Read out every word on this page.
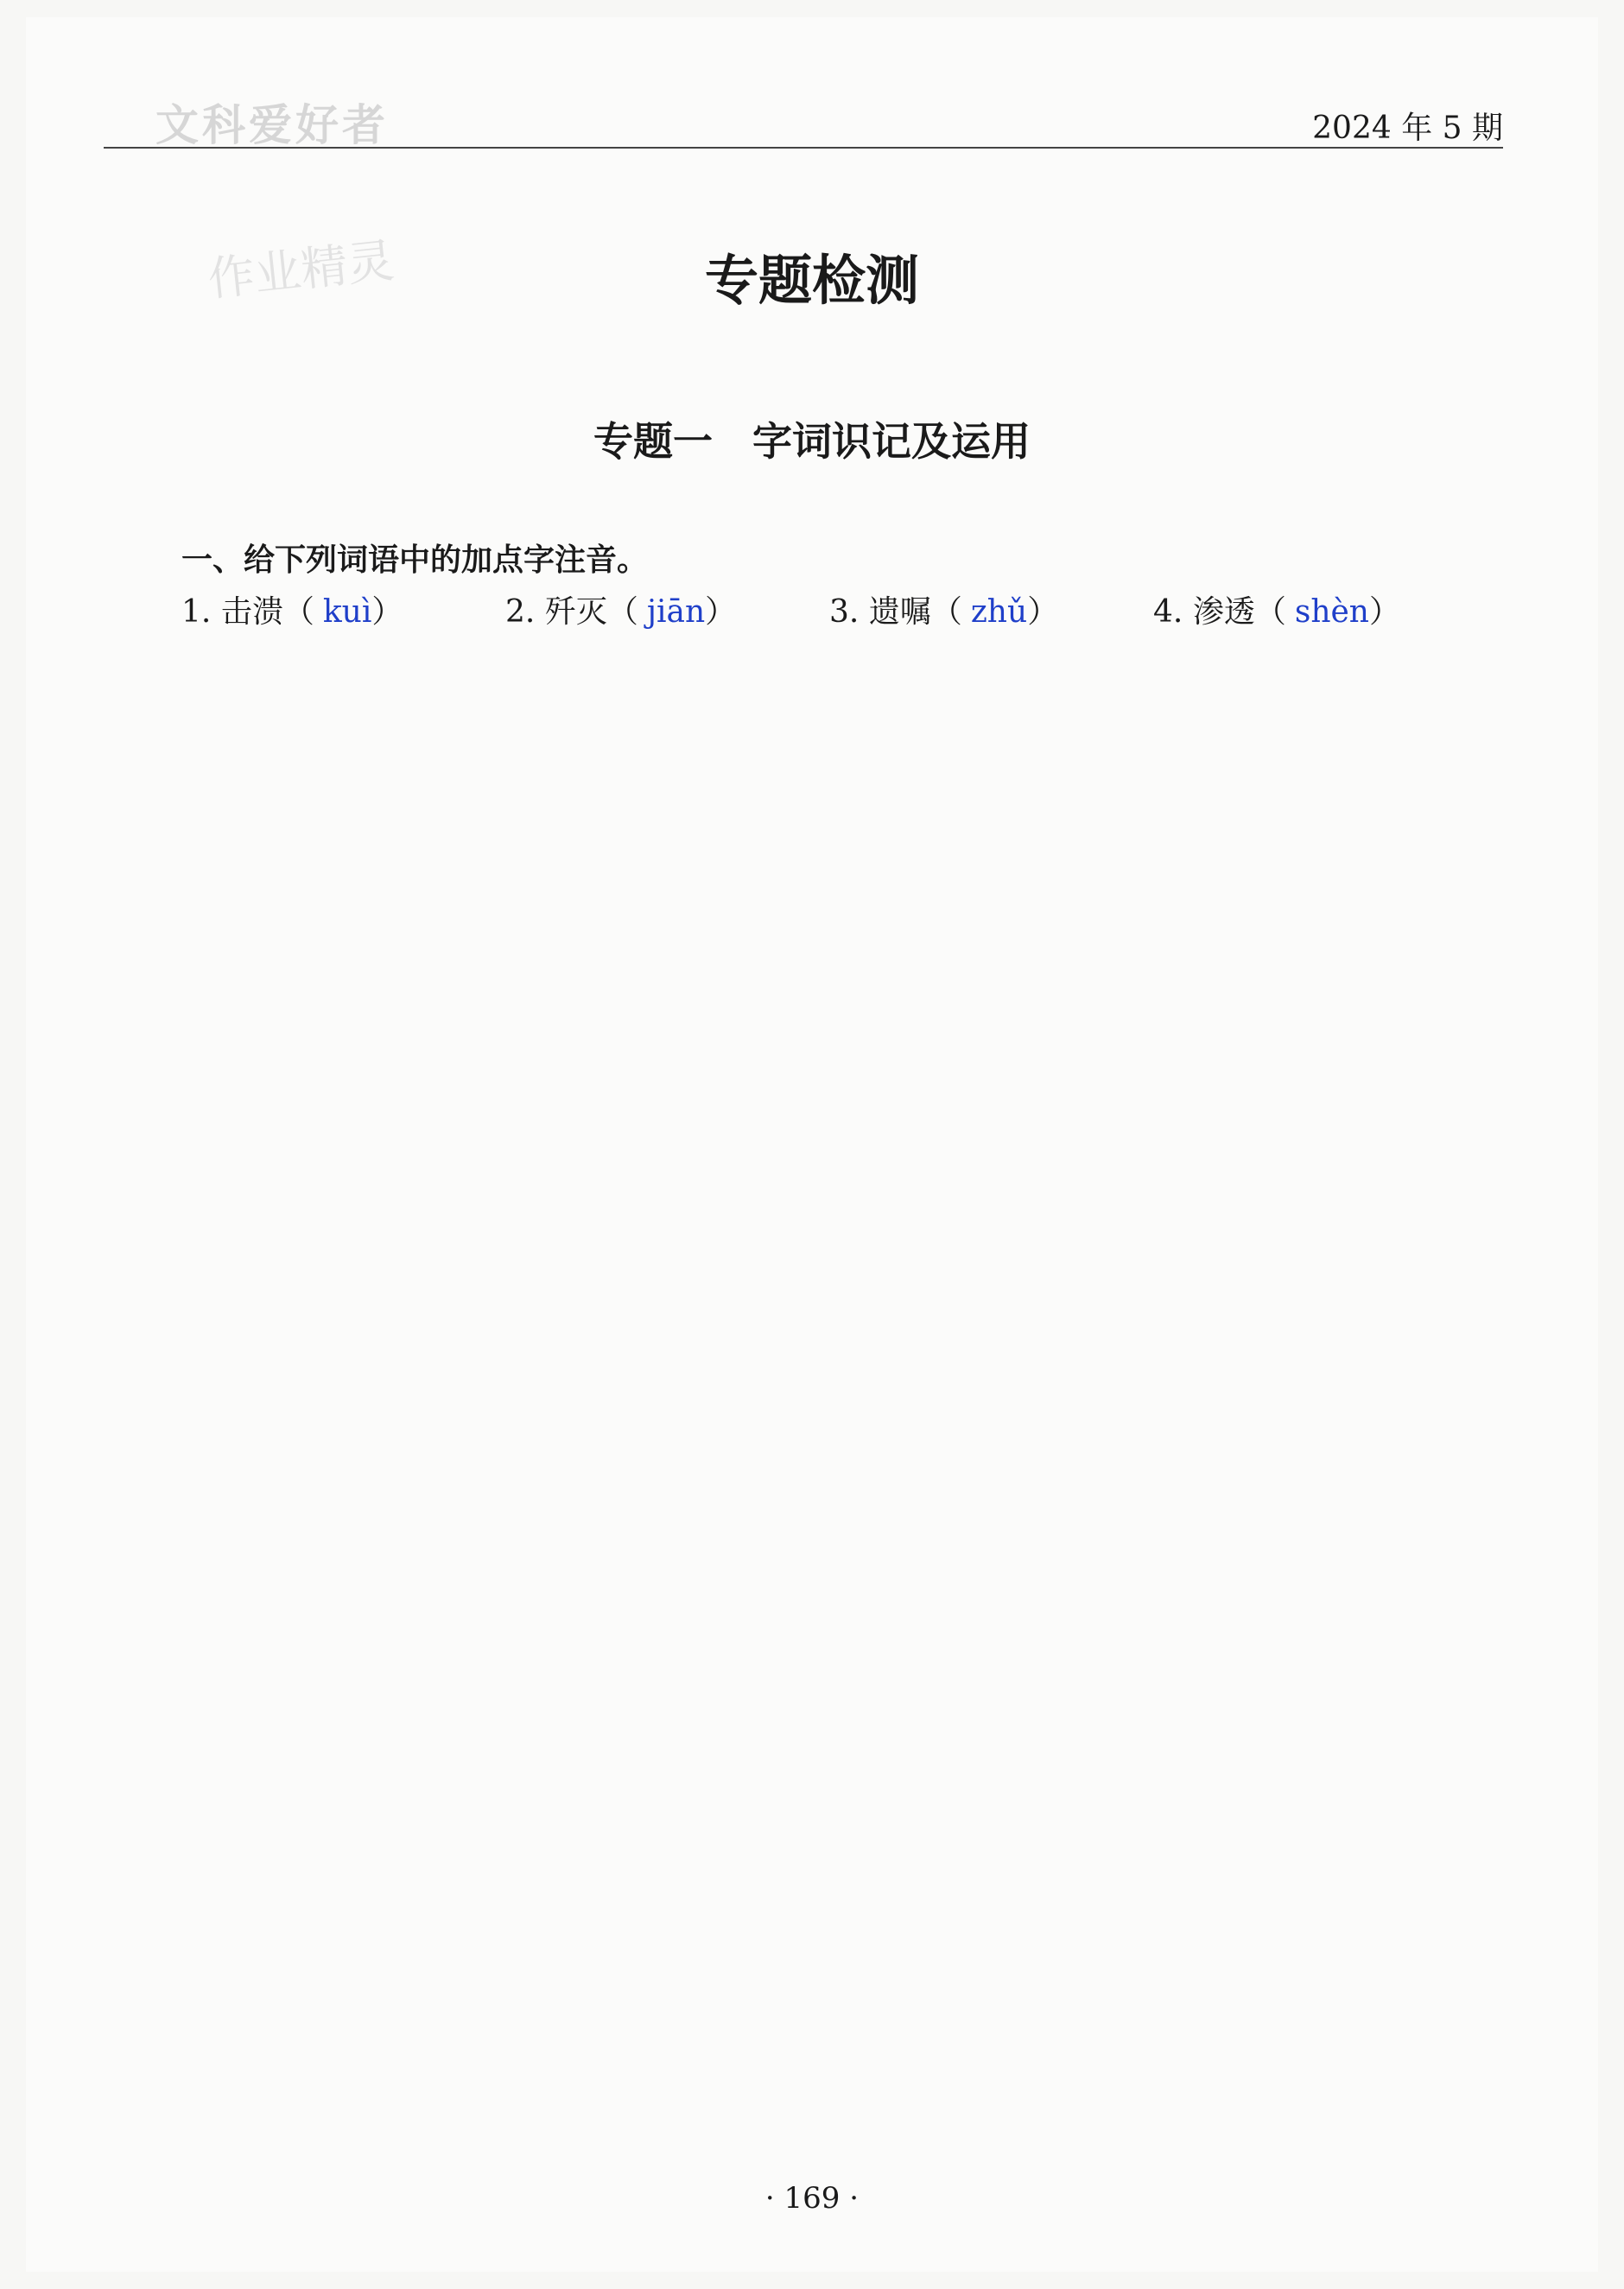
文科爱好者	2024 年 5 期
作业精灵	专题检测
专题一　字词识记及运用
一、给下列词语中的加点字注音。
1. 击溃（ kuì）	2. 歼灭（ jiān）	3. 遗嘱（ zhǔ）	4. 渗透（ shèn）
· 169 ·
